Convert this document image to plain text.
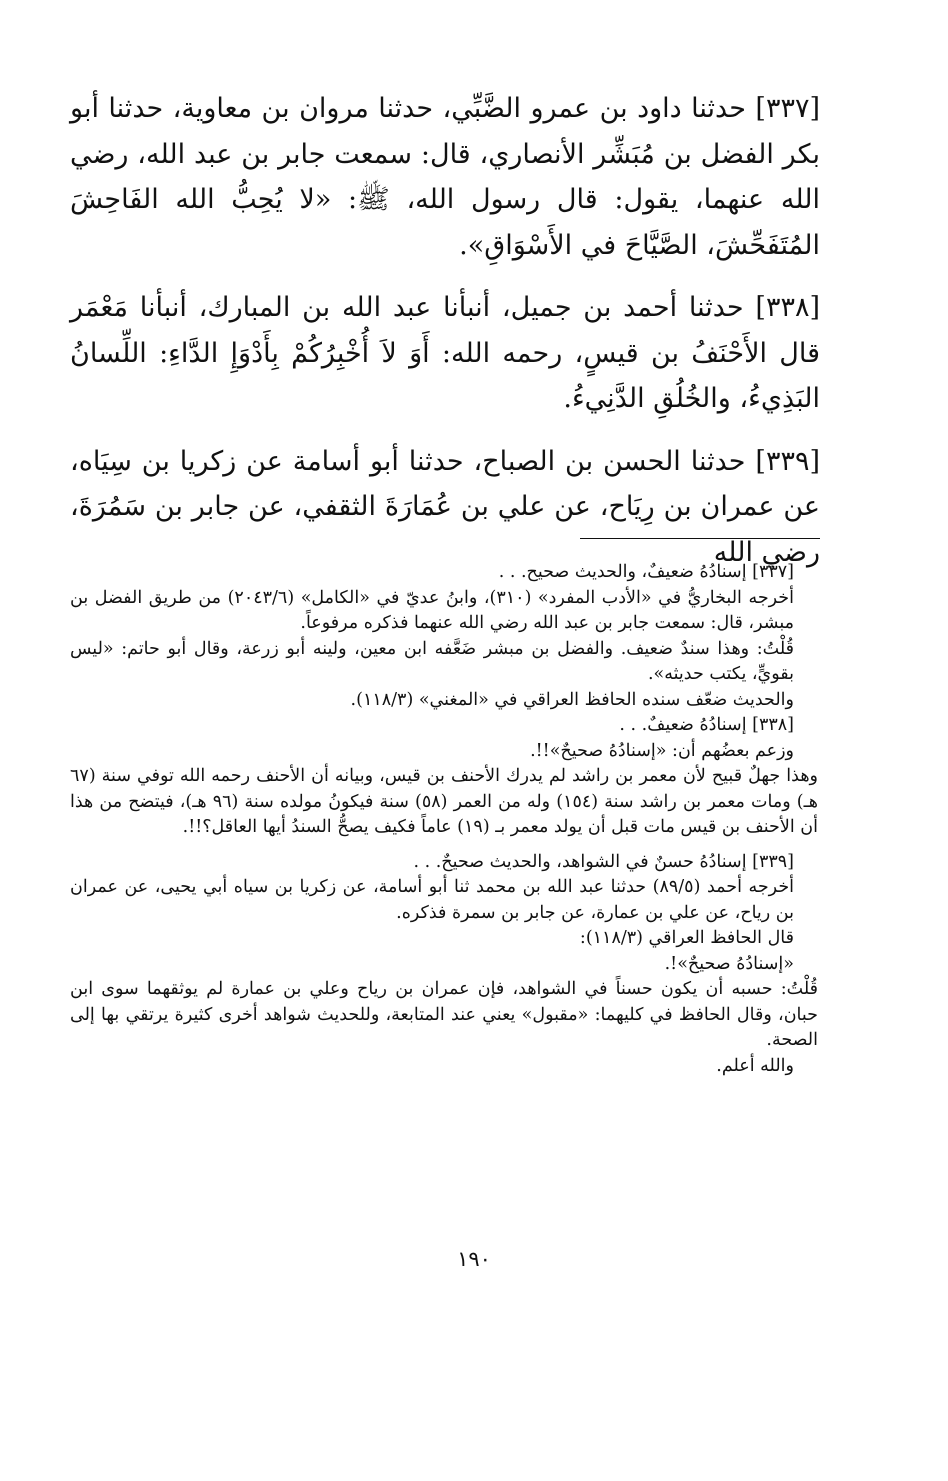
[٣٣٧] حدثنا داود بن عمرو الضَّبِّي، حدثنا مروان بن معاوية، حدثنا أبو بكر الفضل بن مُبَشِّر الأنصاري، قال: سمعت جابر بن عبد الله، رضي الله عنهما، يقول: قال رسول الله، ﷺ: «لا يُحِبُّ الله الفَاحِشَ المُتَفَحِّشَ، الصَّيَّاحَ في الأَسْوَاقِ».

[٣٣٨] حدثنا أحمد بن جميل، أنبأنا عبد الله بن المبارك، أنبأنا مَعْمَر قال الأَحْنَفُ بن قيسٍ، رحمه الله: أَوَ لاَ أُخْبِرُكُمْ بِأَدْوَإِ الدَّاءِ: اللِّسانُ البَذِيءُ، والخُلُقِ الدَّنِيءُ.

[٣٣٩] حدثنا الحسن بن الصباح، حدثنا أبو أسامة عن زكريا بن سِيَاه، عن عمران بن رِيَاح، عن علي بن عُمَارَةَ الثقفي، عن جابر بن سَمُرَةَ، رضي الله

[٣٣٧] إسنادُهُ ضعيفٌ، والحديث صحيح. . .

أخرجه البخاريُّ في «الأدب المفرد» (٣١٠)، وابنُ عديّ في «الكامل» (٢٠٤٣/٦) من طريق الفضل بن مبشر، قال: سمعت جابر بن عبد الله رضي الله عنهما فذكره مرفوعاً.

قُلْتُ: وهذا سندٌ ضعيف. والفضل بن مبشر ضَعَّفه ابن معين، ولينه أبو زرعة، وقال أبو حاتم: «ليس بقويٍّ، يكتب حديثه».

والحديث ضعّف سنده الحافظ العراقي في «المغني» (١١٨/٣).

[٣٣٨] إسنادُهُ ضعيفٌ. . .

وزعم بعضُهم أن: «إسنادُهُ صحيحٌ»!!.

وهذا جهلٌ قبيح لأن معمر بن راشد لم يدرك الأحنف بن قيس، وبيانه أن الأحنف رحمه الله توفي سنة (٦٧ هـ) ومات معمر بن راشد سنة (١٥٤) وله من العمر (٥٨) سنة فيكونُ مولده سنة (٩٦ هـ)، فيتضح من هذا أن الأحنف بن قيس مات قبل أن يولد معمر بـ (١٩) عاماً فكيف يصحُّ السندُ أيها العاقل؟!!.

[٣٣٩] إسنادُهُ حسنٌ في الشواهد، والحديث صحيحٌ. . .

أخرجه أحمد (٨٩/٥) حدثنا عبد الله بن محمد ثنا أبو أسامة، عن زكريا بن سياه أبي يحيى، عن عمران بن رياح، عن علي بن عمارة، عن جابر بن سمرة فذكره.

قال الحافظ العراقي (١١٨/٣):

«إسنادُهُ صحيحٌ»!.

قُلْتُ: حسبه أن يكون حسناً في الشواهد، فإن عمران بن رياح وعلي بن عمارة لم يوثقهما سوى ابن حبان، وقال الحافظ في كليهما: «مقبول» يعني عند المتابعة، وللحديث شواهد أخرى كثيرة يرتقي بها إلى الصحة.

والله أعلم.

١٩٠
